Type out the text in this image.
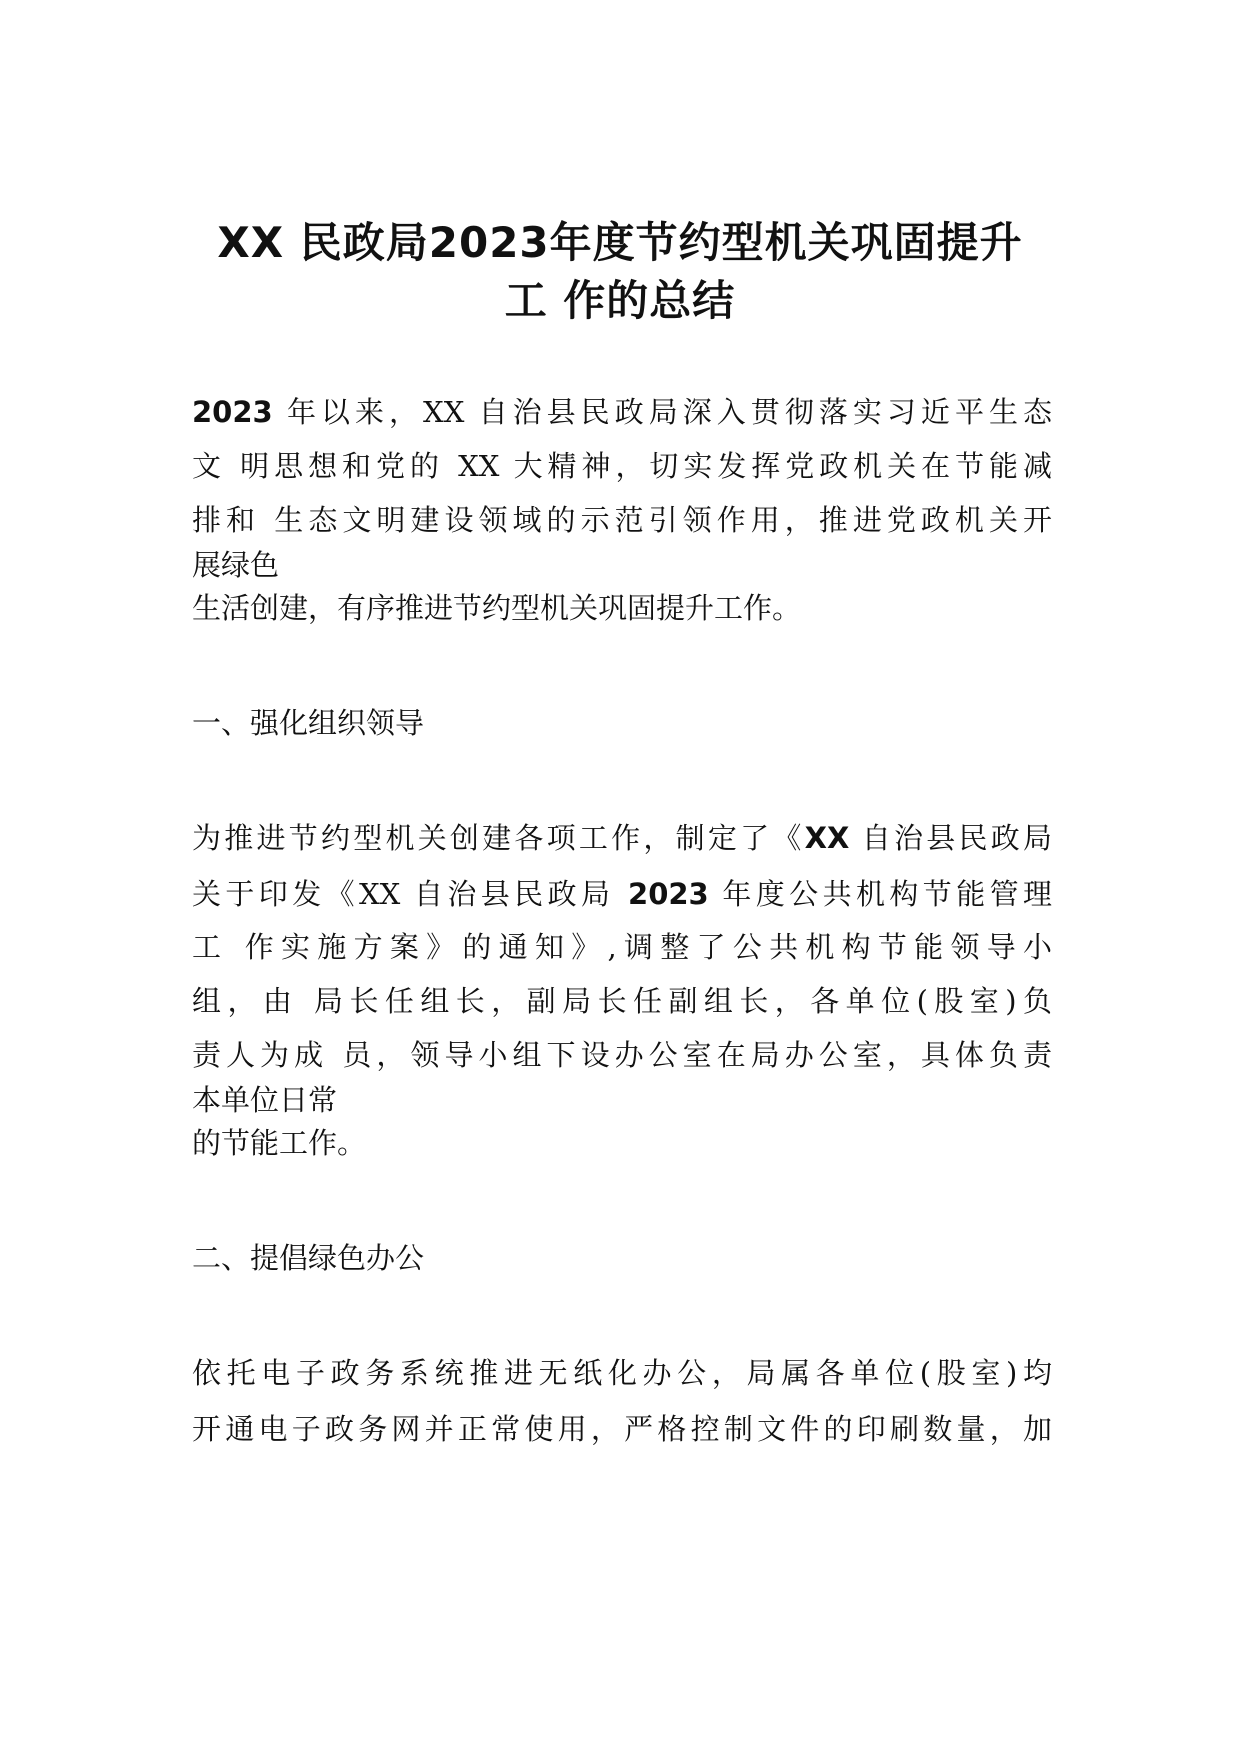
XX 民政局2023年度节约型机关巩固提升
工 作的总结

2023 年以来，XX 自治县民政局深入贯彻落实习近平生态

文 明思想和党的 XX 大精神，切实发挥党政机关在节能减

排和 生态文明建设领域的示范引领作用，推进党政机关开

展绿色

生活创建，有序推进节约型机关巩固提升工作。

一、强化组织领导

为推进节约型机关创建各项工作，制定了《XX 自治县民政局

关于印发《XX 自治县民政局 2023 年度公共机构节能管理

工 作实施方案》的通知》,调整了公共机构节能领导小

组，由 局长任组长，副局长任副组长，各单位(股室)负

责人为成 员，领导小组下设办公室在局办公室，具体负责

本单位日常

的节能工作。

二、提倡绿色办公

依托电子政务系统推进无纸化办公，局属各单位(股室)均

开通电子政务网并正常使用，严格控制文件的印刷数量，加
